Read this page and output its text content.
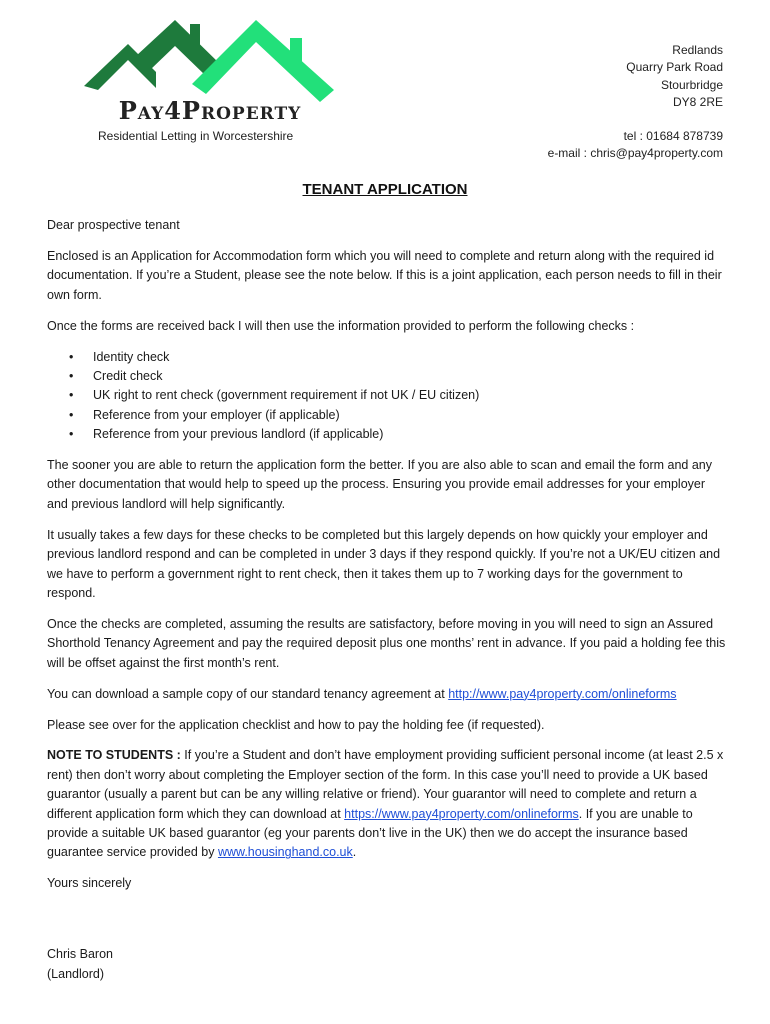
Pay4Property
Residential Letting in Worcestershire
Redlands
Quarry Park Road
Stourbridge
DY8 2RE
tel : 01684 878739
e-mail : chris@pay4property.com
TENANT APPLICATION

Dear prospective tenant

Enclosed is an Application for Accommodation form which you will need to complete and return along with the required id documentation. If you’re a Student, please see the note below. If this is a joint application, each person needs to fill in their own form.

Once the forms are received back I will then use the information provided to perform the following checks :

• Identity check
• Credit check
• UK right to rent check (government requirement if not UK / EU citizen)
• Reference from your employer (if applicable)
• Reference from your previous landlord (if applicable)

The sooner you are able to return the application form the better. If you are also able to scan and email the form and any other documentation that would help to speed up the process. Ensuring you provide email addresses for your employer and previous landlord will help significantly.

It usually takes a few days for these checks to be completed but this largely depends on how quickly your employer and previous landlord respond and can be completed in under 3 days if they respond quickly. If you’re not a UK/EU citizen and we have to perform a government right to rent check, then it takes them up to 7 working days for the government to respond.

Once the checks are completed, assuming the results are satisfactory, before moving in you will need to sign an Assured Shorthold Tenancy Agreement and pay the required deposit plus one months’ rent in advance. If you paid a holding fee this will be offset against the first month’s rent.

You can download a sample copy of our standard tenancy agreement at http://www.pay4property.com/onlineforms

Please see over for the application checklist and how to pay the holding fee (if requested).

NOTE TO STUDENTS : If you’re a Student and don’t have employment providing sufficient personal income (at least 2.5 x rent) then don’t worry about completing the Employer section of the form. In this case you’ll need to provide a UK based guarantor (usually a parent but can be any willing relative or friend). Your guarantor will need to complete and return a different application form which they can download at https://www.pay4property.com/onlineforms. If you are unable to provide a suitable UK based guarantor (eg your parents don’t live in the UK) then we do accept the insurance based guarantee service provided by www.housinghand.co.uk.

Yours sincerely

Chris Baron
(Landlord)
